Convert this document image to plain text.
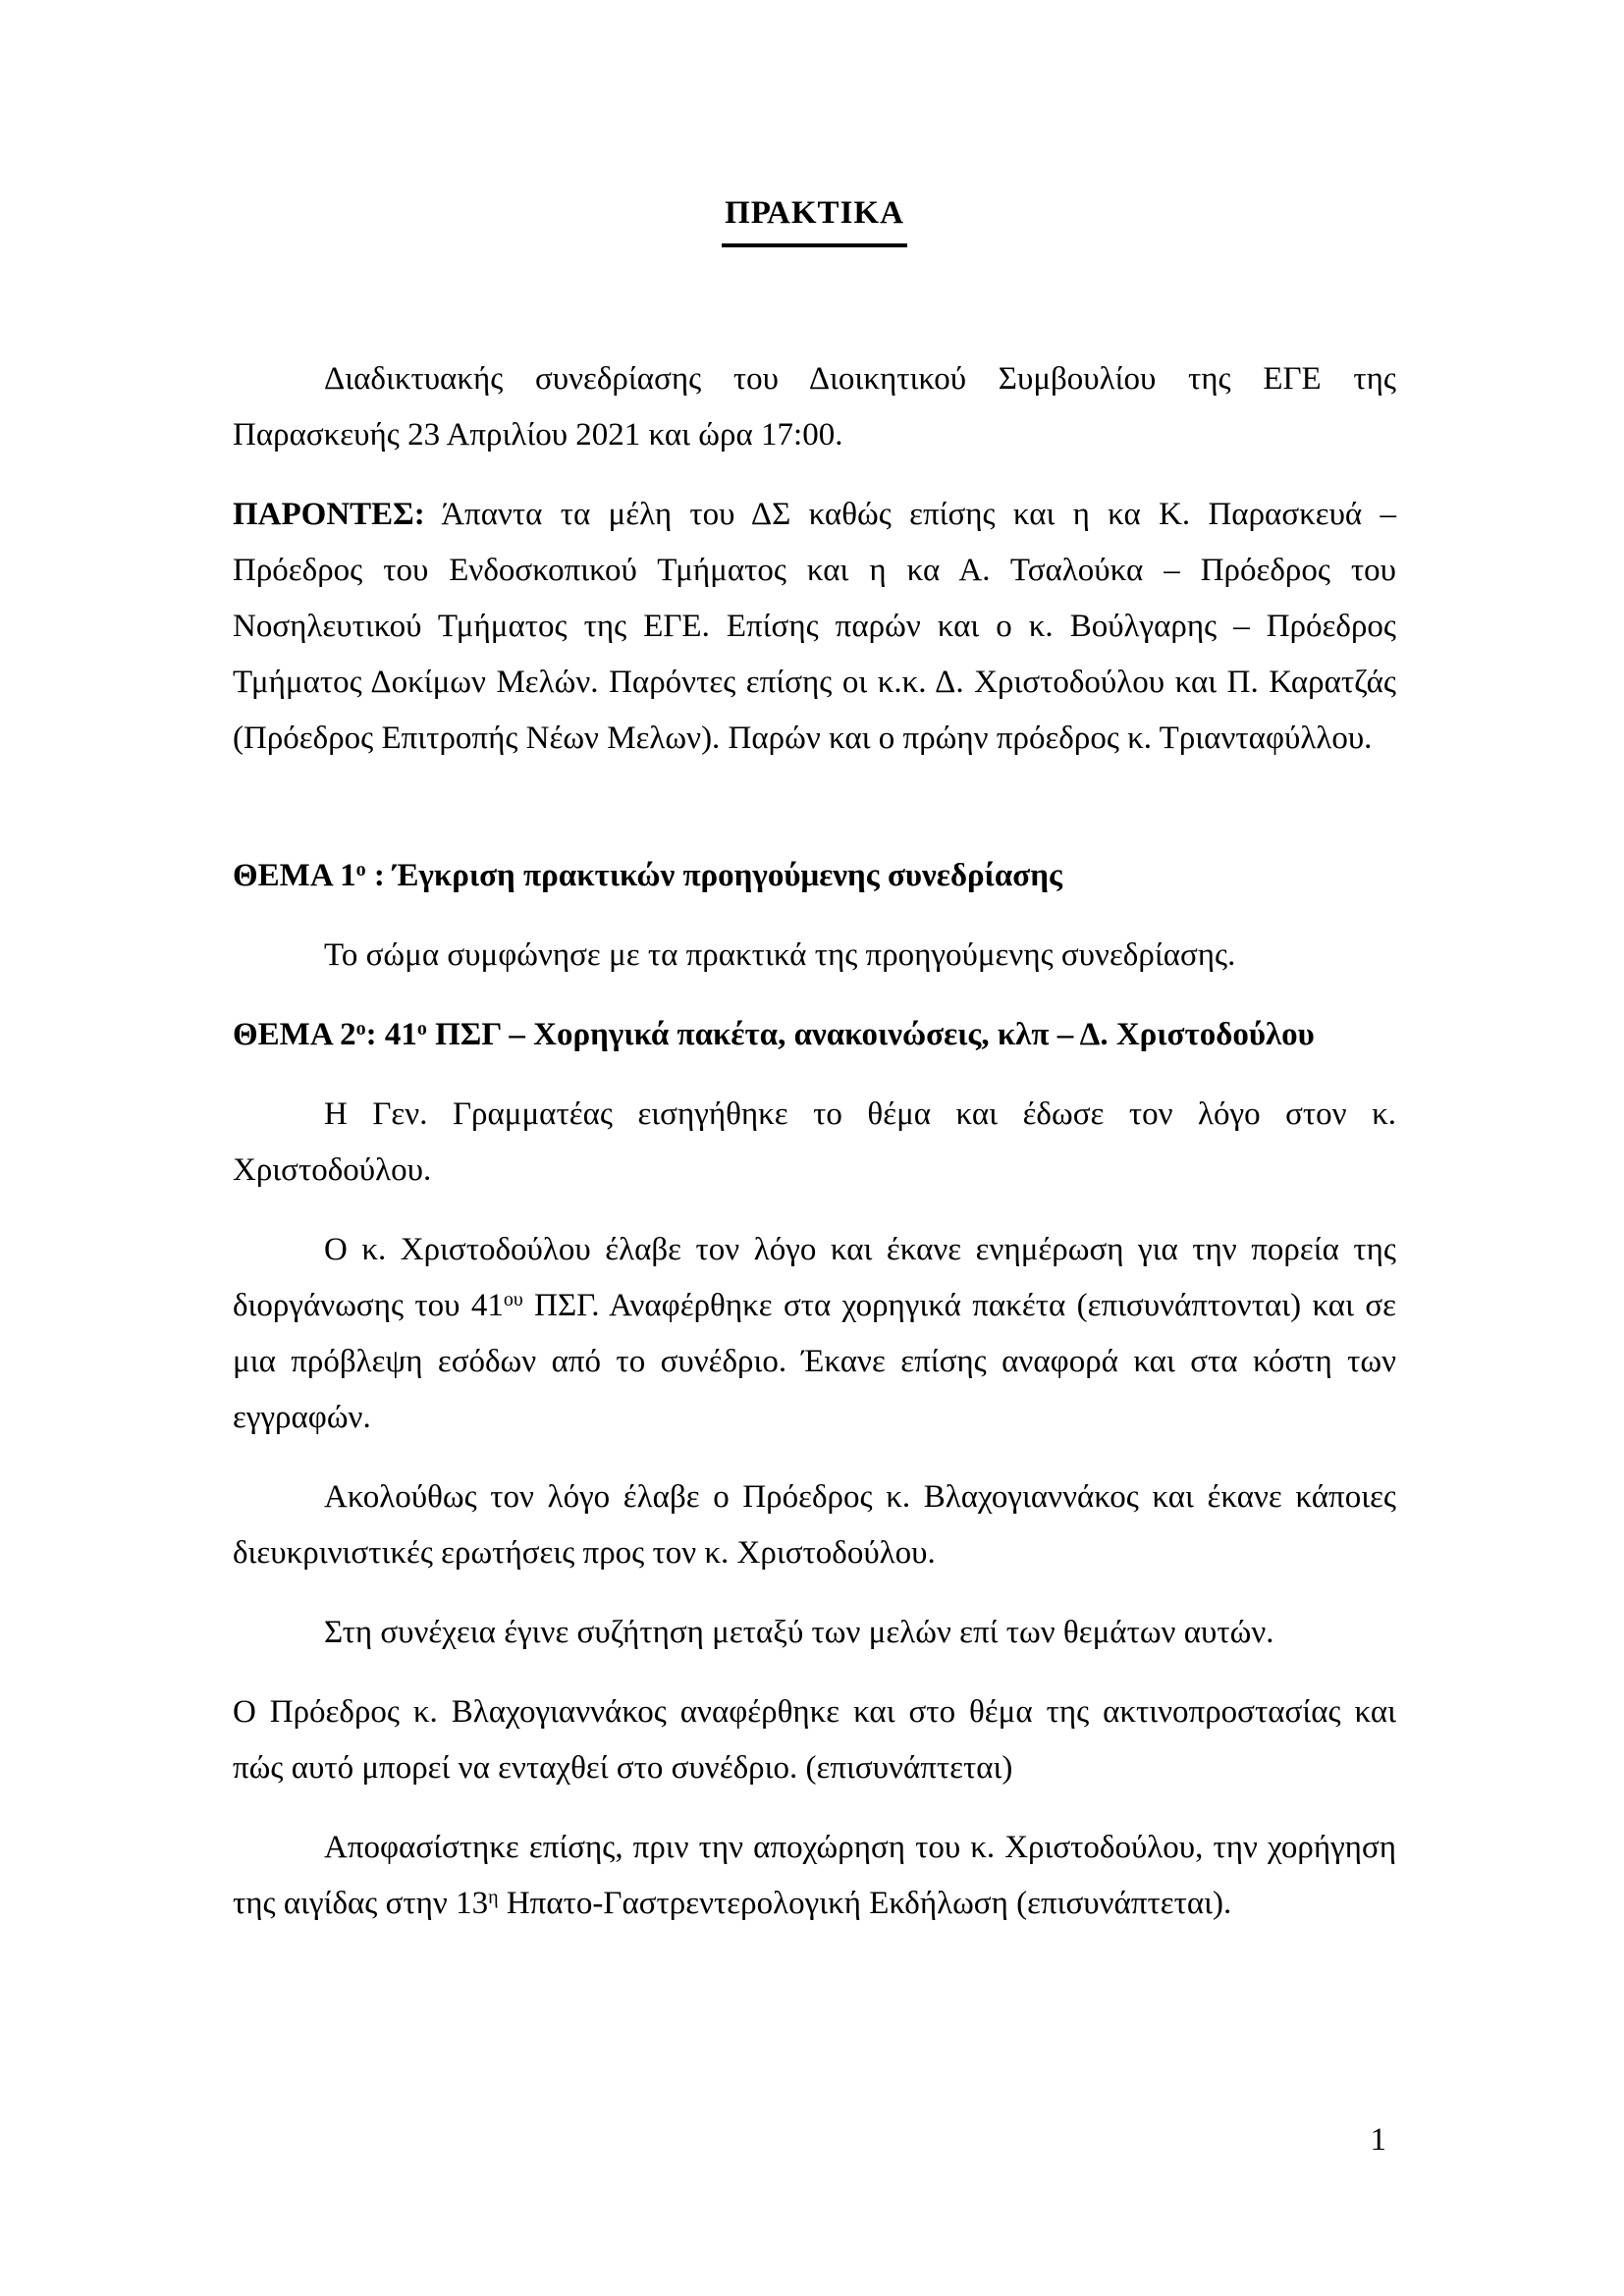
ΠΡΑΚΤΙΚΑ

Διαδικτυακής συνεδρίασης του Διοικητικού Συμβουλίου της ΕΓΕ της Παρασκευής 23 Απριλίου 2021 και ώρα 17:00.

ΠΑΡΟΝΤΕΣ: Άπαντα τα μέλη του ΔΣ καθώς επίσης και η κα Κ. Παρασκευά – Πρόεδρος του Ενδοσκοπικού Τμήματος και η κα Α. Τσαλούκα – Πρόεδρος του Νοσηλευτικού Τμήματος της ΕΓΕ. Επίσης παρών και ο κ. Βούλγαρης – Πρόεδρος Τμήματος Δοκίμων Μελών. Παρόντες επίσης οι κ.κ. Δ. Χριστοδούλου και Π. Καρατζάς (Πρόεδρος Επιτροπής Νέων Μελων). Παρών και ο πρώην πρόεδρος κ. Τριανταφύλλου.

ΘΕΜΑ $1^o$ : Έγκριση πρακτικών προηγούμενης συνεδρίασης

Το σώμα συμφώνησε με τα πρακτικά της προηγούμενης συνεδρίασης.

ΘΕΜΑ $2^o$: $41^o$ ΠΣΓ – Χορηγικά πακέτα, ανακοινώσεις, κλπ – Δ. Χριστοδούλου

Η Γεν. Γραμματέας εισηγήθηκε το θέμα και έδωσε τον λόγο στον κ. Χριστοδούλου.

Ο κ. Χριστοδούλου έλαβε τον λόγο και έκανε ενημέρωση για την πορεία της διοργάνωσης του $41^{o\upsilon}$ ΠΣΓ. Αναφέρθηκε στα χορηγικά πακέτα (επισυνάπτονται) και σε μια πρόβλεψη εσόδων από το συνέδριο. Έκανε επίσης αναφορά και στα κόστη των εγγραφών.

Ακολούθως τον λόγο έλαβε ο Πρόεδρος κ. Βλαχογιαννάκος και έκανε κάποιες διευκρινιστικές ερωτήσεις προς τον κ. Χριστοδούλου.

Στη συνέχεια έγινε συζήτηση μεταξύ των μελών επί των θεμάτων αυτών.

Ο Πρόεδρος κ. Βλαχογιαννάκος αναφέρθηκε και στο θέμα της ακτινοπροστασίας και πώς αυτό μπορεί να ενταχθεί στο συνέδριο. (επισυνάπτεται)

Αποφασίστηκε επίσης, πριν την αποχώρηση του κ. Χριστοδούλου, την χορήγηση της αιγίδας στην $13^\eta$ Ηπατο-Γαστρεντερολογική Εκδήλωση (επισυνάπτεται).

1
